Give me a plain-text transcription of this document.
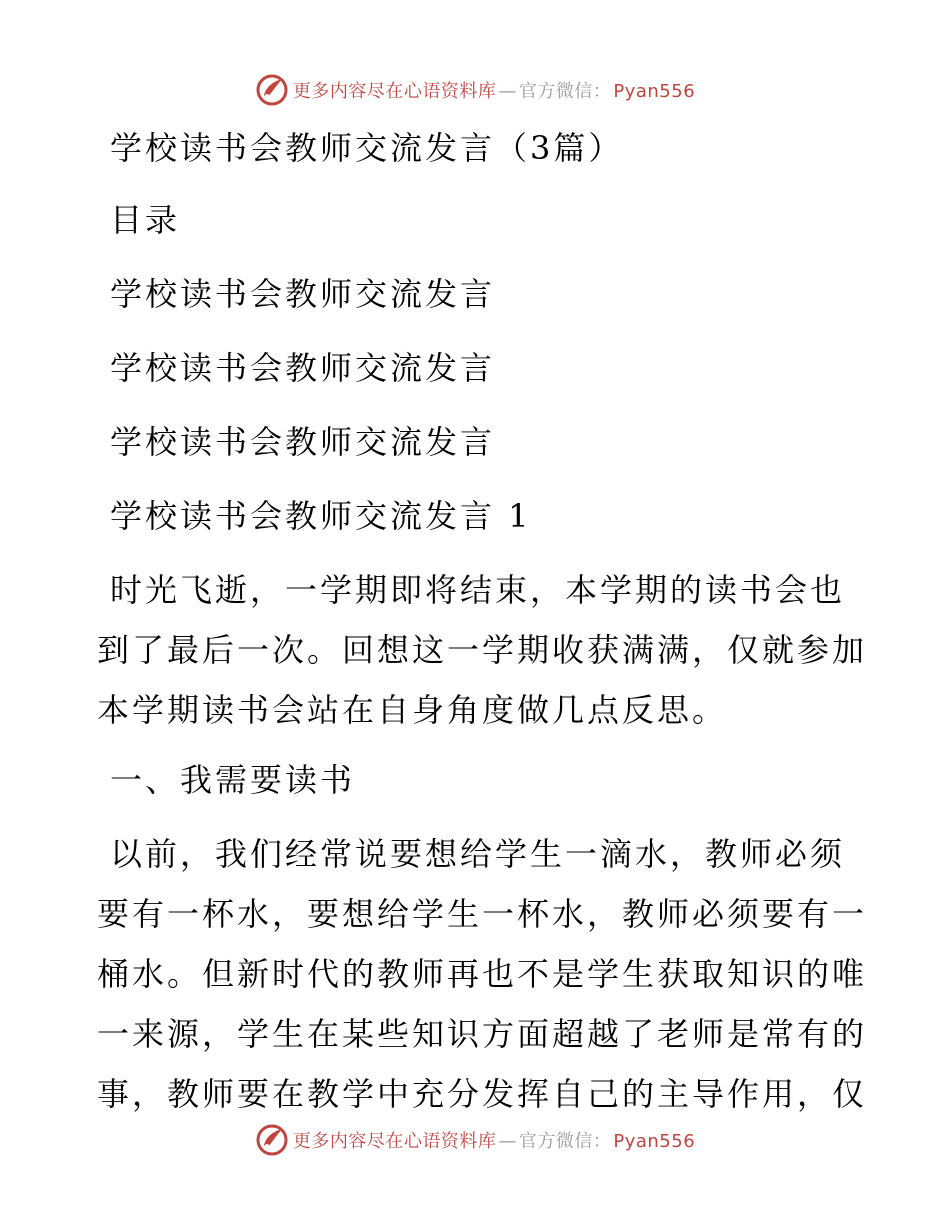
更多内容尽在心语资料库 — 官方微信： Pyan556
学校读书会教师交流发言（3篇）
目录
学校读书会教师交流发言
学校读书会教师交流发言
学校读书会教师交流发言
学校读书会教师交流发言 1
时光飞逝，一学期即将结束，本学期的读书会也
到了最后一次。回想这一学期收获满满，仅就参加
本学期读书会站在自身角度做几点反思。
一、我需要读书
以前，我们经常说要想给学生一滴水，教师必须
要有一杯水，要想给学生一杯水，教师必须要有一
桶水。但新时代的教师再也不是学生获取知识的唯
一来源，学生在某些知识方面超越了老师是常有的
事，教师要在教学中充分发挥自己的主导作用，仅
更多内容尽在心语资料库 — 官方微信： Pyan556
